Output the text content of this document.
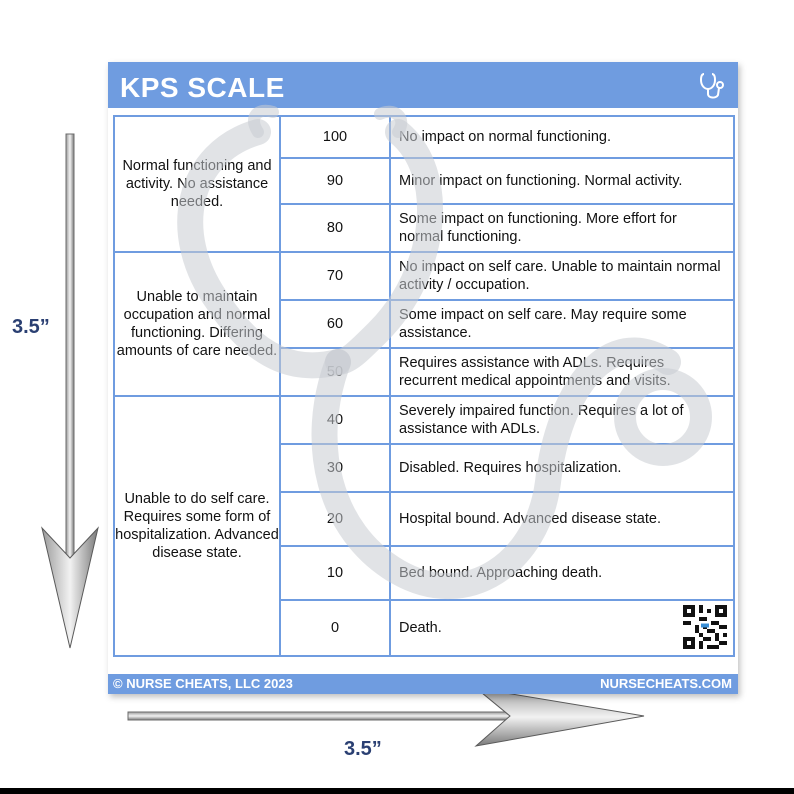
3.5”
3.5”
KPS SCALE
Normal functioning and activity. No assistance needed.	100	No impact on normal functioning.
	90	Minor impact on functioning. Normal activity.
	80	Some impact on functioning. More effort for normal functioning.
Unable to maintain occupation and normal functioning. Differing amounts of care needed.	70	No impact on self care. Unable to maintain normal activity / occupation.
	60	Some impact on self care. May require some assistance.
	50	Requires assistance with ADLs. Requires recurrent medical appointments and visits.
Unable to do self care. Requires some form of hospitalization. Advanced disease state.	40	Severely impaired function. Requires a lot of assistance with ADLs.
	30	Disabled. Requires hospitalization.
	20	Hospital bound. Advanced disease state.
	10	Bed bound. Approaching death.
	0	Death.
© NURSE CHEATS, LLC 2023	NURSECHEATS.COM
